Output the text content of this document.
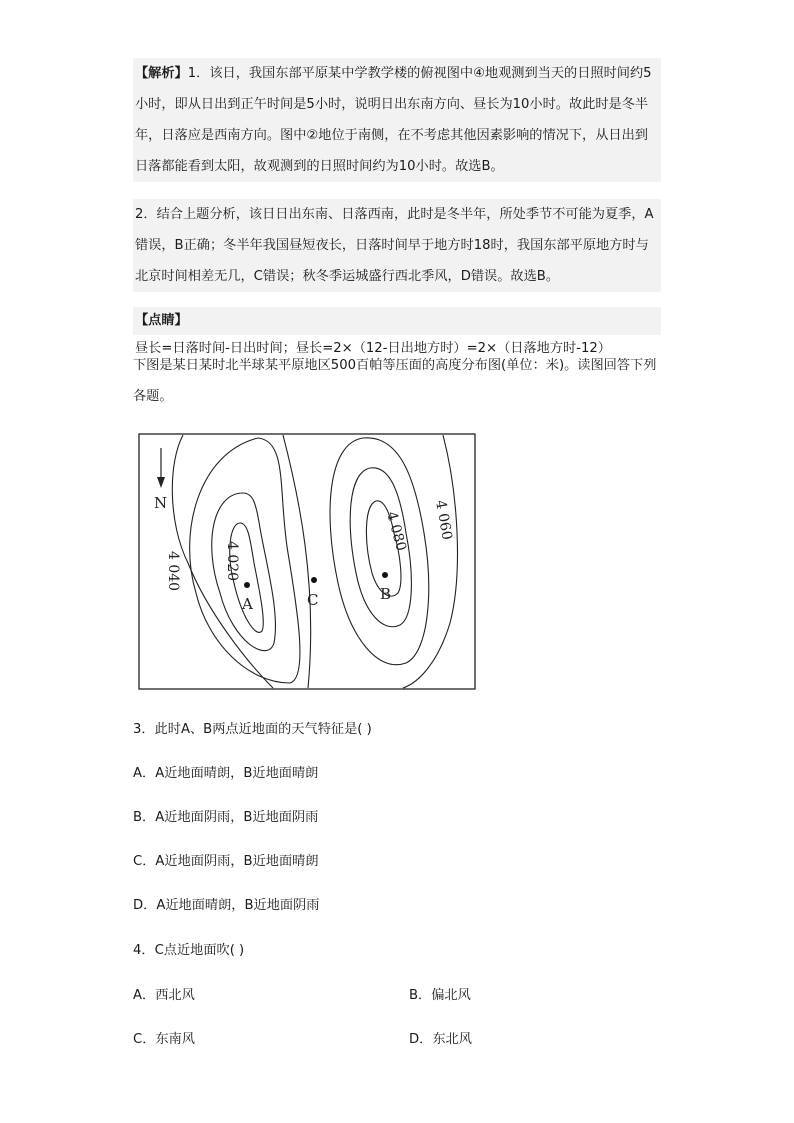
【解析】1．该日，我国东部平原某中学教学楼的俯视图中④地观测到当天的日照时间约5小时，即从日出到正午时间是5小时，说明日出东南方向、昼长为10小时。故此时是冬半年，日落应是西南方向。图中②地位于南侧，在不考虑其他因素影响的情况下，从日出到日落都能看到太阳，故观测到的日照时间约为10小时。故选B。
2．结合上题分析，该日日出东南、日落西南，此时是冬半年，所处季节不可能为夏季，A错误，B正确；冬半年我国昼短夜长，日落时间早于地方时18时，我国东部平原地方时与北京时间相差无几，C错误；秋冬季运城盛行西北季风，D错误。故选B。
【点睛】昼长=日落时间-日出时间；昼长=2×（12-日出地方时）=2×（日落地方时-12）
下图是某日某时北半球某平原地区500百帕等压面的高度分布图(单位：米)。读图回答下列各题。
N
4 040	4 020
4 080 4 060
A
B
C
3．此时A、B两点近地面的天气特征是( )
A．A近地面晴朗，B近地面晴朗
B．A近地面阴雨，B近地面阴雨
C．A近地面阴雨，B近地面晴朗
D．A近地面晴朗，B近地面阴雨
4．C点近地面吹( )
A．西北风	B．偏北风
C．东南风	D．东北风
